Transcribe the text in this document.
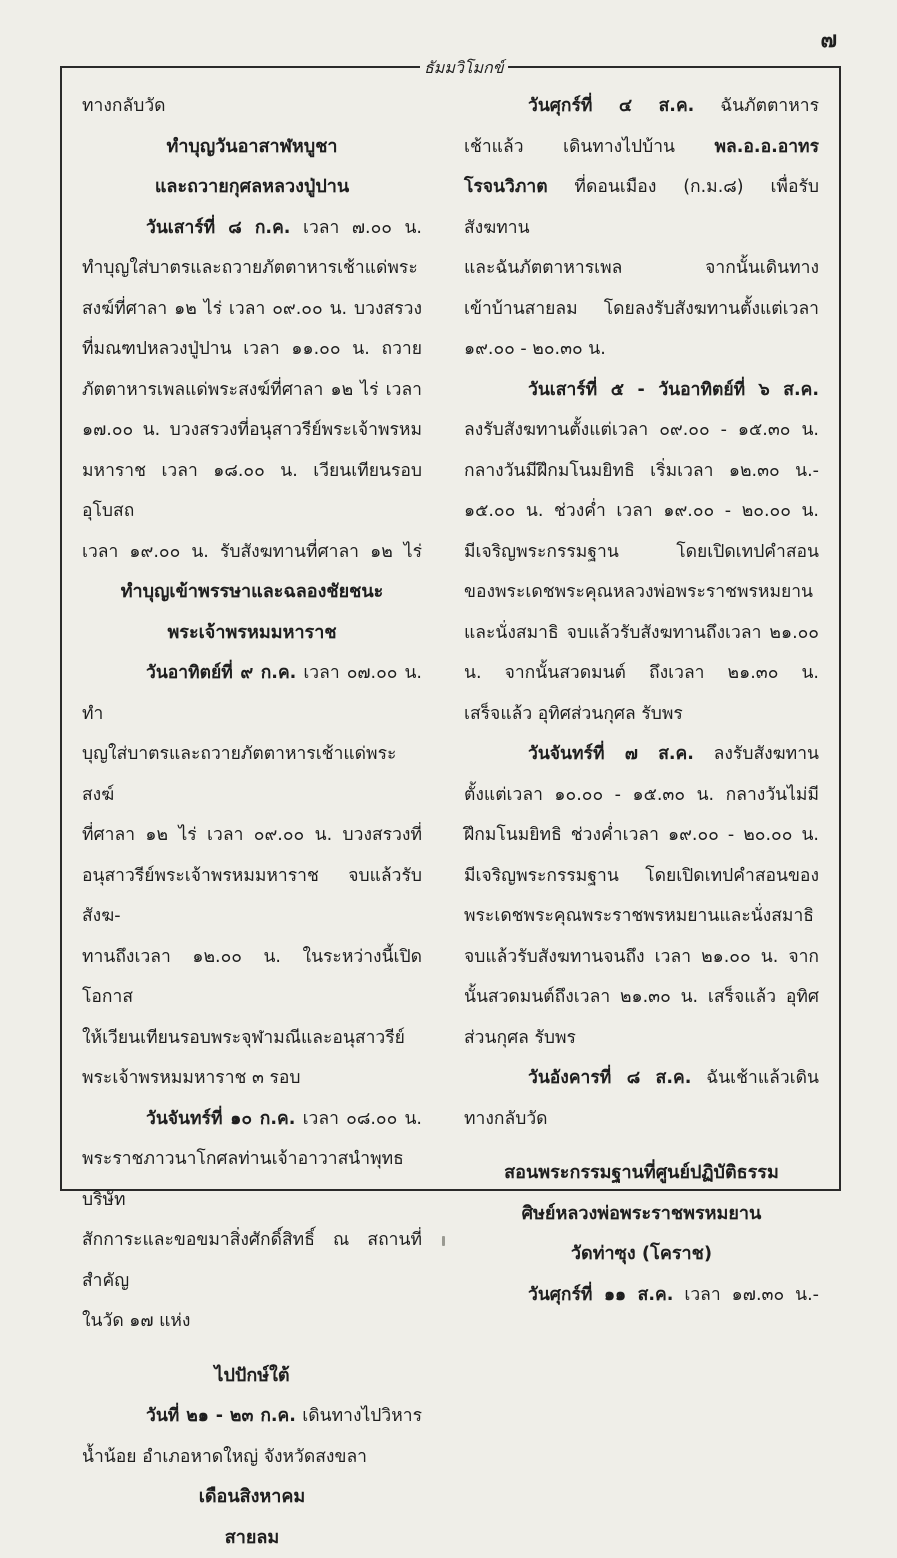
๗
ธัมมวิโมกข์

ทางกลับวัด

ทำบุญวันอาสาฬหบูชา

และถวายกุศลหลวงปู่ปาน

วันเสาร์ที่ ๘ ก.ค. เวลา ๗.๐๐ น.

ทำบุญใส่บาตรและถวายภัตตาหารเช้าแด่พระ

สงฆ์ที่ศาลา ๑๒ ไร่ เวลา ๐๙.๐๐ น. บวงสรวง

ที่มณฑปหลวงปู่ปาน เวลา ๑๑.๐๐ น. ถวาย

ภัตตาหารเพลแด่พระสงฆ์ที่ศาลา ๑๒ ไร่ เวลา

๑๗.๐๐ น. บวงสรวงที่อนุสาวรีย์พระเจ้าพรหม

มหาราช เวลา ๑๘.๐๐ น. เวียนเทียนรอบอุโบสถ

เวลา ๑๙.๐๐ น. รับสังฆทานที่ศาลา ๑๒ ไร่

ทำบุญเข้าพรรษาและฉลองชัยชนะ

พระเจ้าพรหมมหาราช

วันอาทิตย์ที่ ๙ ก.ค. เวลา ๐๗.๐๐ น. ทำ

บุญใส่บาตรและถวายภัตตาหารเช้าแด่พระสงฆ์

ที่ศาลา ๑๒ ไร่ เวลา ๐๙.๐๐ น. บวงสรวงที่

อนุสาวรีย์พระเจ้าพรหมมหาราช จบแล้วรับสังฆ-

ทานถึงเวลา ๑๒.๐๐ น. ในระหว่างนี้เปิดโอกาส

ให้เวียนเทียนรอบพระจุฬามณีและอนุสาวรีย์

พระเจ้าพรหมมหาราช ๓ รอบ

วันจันทร์ที่ ๑๐ ก.ค. เวลา ๐๘.๐๐ น.

พระราชภาวนาโกศลท่านเจ้าอาวาสนำพุทธบริษัท

สักการะและขอขมาสิ่งศักดิ์สิทธิ์ ณ สถานที่สำคัญ

ในวัด ๑๗ แห่ง

ไปปักษ์ใต้

วันที่ ๒๑ - ๒๓ ก.ค. เดินทางไปวิหาร

น้ำน้อย อำเภอหาดใหญ่ จังหวัดสงขลา

เดือนสิงหาคม

สายลม

วันศุกร์ที่ ๔ ส.ค. ฉันภัตตาหาร

เช้าแล้ว เดินทางไปบ้าน พล.อ.อ.อาทร

โรจนวิภาต ที่ดอนเมือง (ก.ม.๘) เพื่อรับสังฆทาน

และฉันภัตตาหารเพล จากนั้นเดินทาง

เข้าบ้านสายลม โดยลงรับสังฆทานตั้งแต่เวลา

๑๙.๐๐ - ๒๐.๓๐ น.

วันเสาร์ที่ ๕ - วันอาทิตย์ที่ ๖ ส.ค.

ลงรับสังฆทานตั้งแต่เวลา ๐๙.๐๐ - ๑๕.๓๐ น.

กลางวันมีฝึกมโนมยิทธิ เริ่มเวลา ๑๒.๓๐ น.-

๑๕.๐๐ น. ช่วงค่ำ เวลา ๑๙.๐๐ - ๒๐.๐๐ น.

มีเจริญพระกรรมฐาน โดยเปิดเทปคำสอน

ของพระเดชพระคุณหลวงพ่อพระราชพรหมยาน

และนั่งสมาธิ จบแล้วรับสังฆทานถึงเวลา ๒๑.๐๐

น. จากนั้นสวดมนต์ ถึงเวลา ๒๑.๓๐ น.

เสร็จแล้ว อุทิศส่วนกุศล รับพร

วันจันทร์ที่ ๗ ส.ค. ลงรับสังฆทาน

ตั้งแต่เวลา ๑๐.๐๐ - ๑๕.๓๐ น. กลางวันไม่มี

ฝึกมโนมยิทธิ ช่วงค่ำเวลา ๑๙.๐๐ - ๒๐.๐๐ น.

มีเจริญพระกรรมฐาน โดยเปิดเทปคำสอนของ

พระเดชพระคุณพระราชพรหมยานและนั่งสมาธิ

จบแล้วรับสังฆทานจนถึง เวลา ๒๑.๐๐ น. จาก

นั้นสวดมนต์ถึงเวลา ๒๑.๓๐ น. เสร็จแล้ว อุทิศ

ส่วนกุศล รับพร

วันอังคารที่ ๘ ส.ค. ฉันเช้าแล้วเดิน

ทางกลับวัด

สอนพระกรรมฐานที่ศูนย์ปฏิบัติธรรม

ศิษย์หลวงพ่อพระราชพรหมยาน

วัดท่าซุง (โคราช)

วันศุกร์ที่ ๑๑ ส.ค. เวลา ๑๗.๓๐ น.-
